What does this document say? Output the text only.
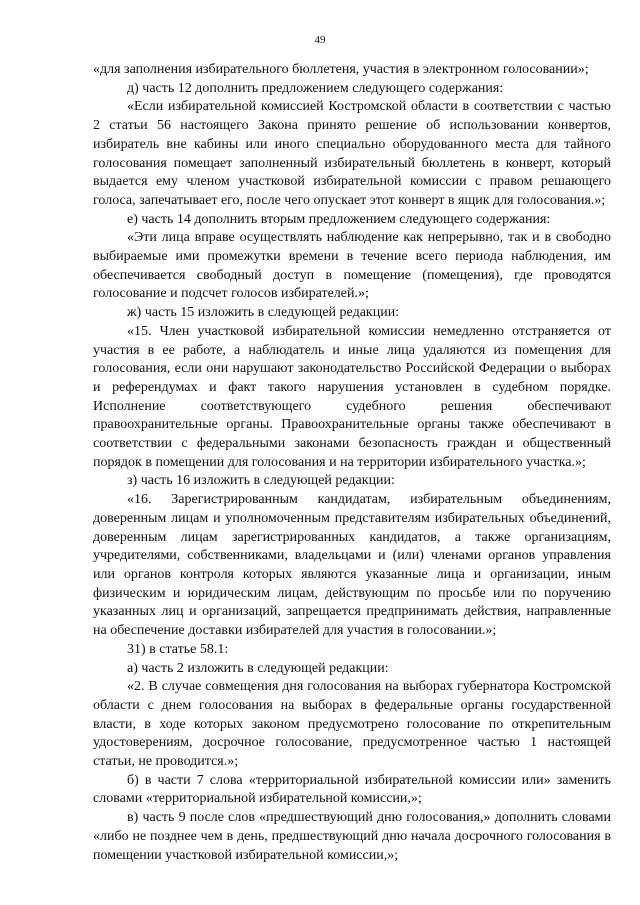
49

«для заполнения избирательного бюллетеня, участия в электронном голосовании»;

д) часть 12 дополнить предложением следующего содержания:

«Если избирательной комиссией Костромской области в соответствии с частью 2 статьи 56 настоящего Закона принято решение об использовании конвертов, избиратель вне кабины или иного специально оборудованного места для тайного голосования помещает заполненный избирательный бюллетень в конверт, который выдается ему членом участковой избирательной комиссии с правом решающего голоса, запечатывает его, после чего опускает этот конверт в ящик для голосования.»;

е) часть 14 дополнить вторым предложением следующего содержания:

«Эти лица вправе осуществлять наблюдение как непрерывно, так и в свободно выбираемые ими промежутки времени в течение всего периода наблюдения, им обеспечивается свободный доступ в помещение (помещения), где проводятся голосование и подсчет голосов избирателей.»;

ж) часть 15 изложить в следующей редакции:

«15. Член участковой избирательной комиссии немедленно отстраняется от участия в ее работе, а наблюдатель и иные лица удаляются из помещения для голосования, если они нарушают законодательство Российской Федерации о выборах и референдумах и факт такого нарушения установлен в судебном порядке. Исполнение соответствующего судебного решения обеспечивают правоохранительные органы. Правоохранительные органы также обеспечивают в соответствии с федеральными законами безопасность граждан и общественный порядок в помещении для голосования и на территории избирательного участка.»;

з) часть 16 изложить в следующей редакции:

«16. Зарегистрированным кандидатам, избирательным объединениям, доверенным лицам и уполномоченным представителям избирательных объединений, доверенным лицам зарегистрированных кандидатов, а также организациям, учредителями, собственниками, владельцами и (или) членами органов управления или органов контроля которых являются указанные лица и организации, иным физическим и юридическим лицам, действующим по просьбе или по поручению указанных лиц и организаций, запрещается предпринимать действия, направленные на обеспечение доставки избирателей для участия в голосовании.»;

31) в статье 58.1:

а) часть 2 изложить в следующей редакции:

«2. В случае совмещения дня голосования на выборах губернатора Костромской области с днем голосования на выборах в федеральные органы государственной власти, в ходе которых законом предусмотрено голосование по открепительным удостоверениям, досрочное голосование, предусмотренное частью 1 настоящей статьи, не проводится.»;

б) в части 7 слова «территориальной избирательной комиссии или» заменить словами «территориальной избирательной комиссии,»;

в) часть 9 после слов «предшествующий дню голосования,» дополнить словами «либо не позднее чем в день, предшествующий дню начала досрочного голосования в помещении участковой избирательной комиссии,»;
